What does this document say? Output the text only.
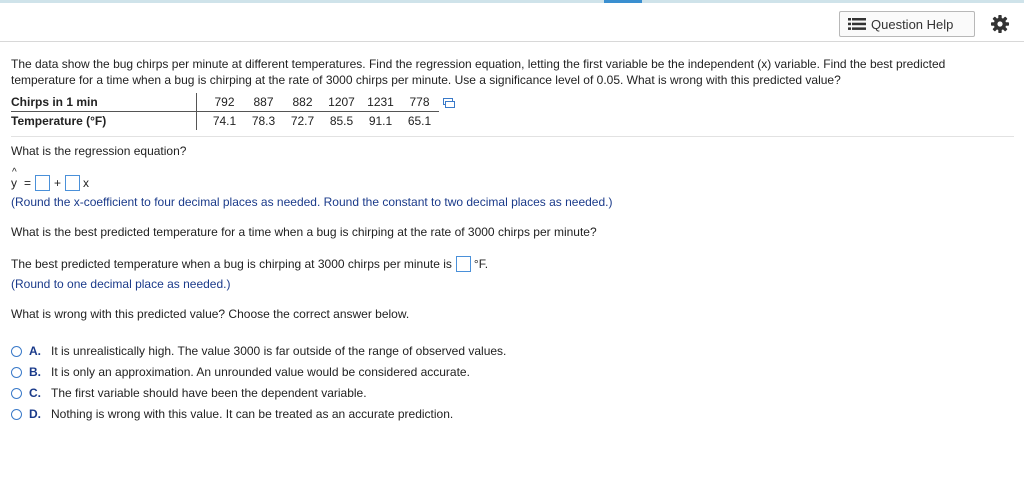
Question Help
The data show the bug chirps per minute at different temperatures. Find the regression equation, letting the first variable be the independent (x) variable. Find the best predicted temperature for a time when a bug is chirping at the rate of 3000 chirps per minute. Use a significance level of 0.05. What is wrong with this predicted value?
Chirps in 1 min		792	887	882	1207	1231	778	
Temperature (°F)		74.1	78.3	72.7	85.5	91.1	65.1	
What is the regression equation?
^
y = + x
(Round the x-coefficient to four decimal places as needed. Round the constant to two decimal places as needed.)
What is the best predicted temperature for a time when a bug is chirping at the rate of 3000 chirps per minute?
The best predicted temperature when a bug is chirping at 3000 chirps per minute is °F.
(Round to one decimal place as needed.)
What is wrong with this predicted value? Choose the correct answer below.
A. It is unrealistically high. The value 3000 is far outside of the range of observed values.
B. It is only an approximation. An unrounded value would be considered accurate.
C. The first variable should have been the dependent variable.
D. Nothing is wrong with this value. It can be treated as an accurate prediction.
